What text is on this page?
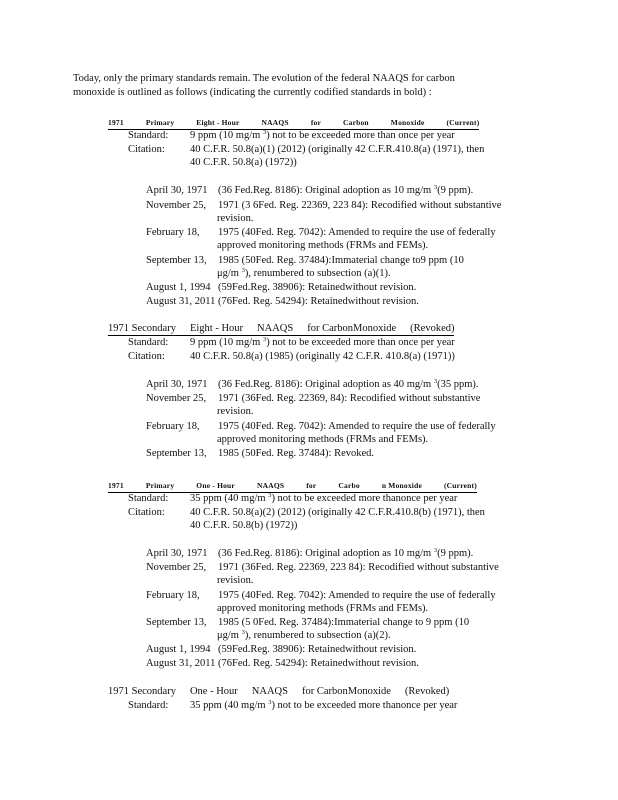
Today, only the primary standards remain. The evolution of the federal NAAQS for carbon
monoxide is outlined as follows (indicating the currently codified standards in bold) :
1971	Primary	Eight - Hour	NAAQS	for	Carbon	Monoxide	(Current)
Standard: 9 ppm (10 mg/m $^3$) not to be exceeded more than once per year
Citation: 40 C.F.R. 50.8(a)(1) (2012) (originally 42 C.F.R.410.8(a) (1971), then
40 C.F.R. 50.8(a) (1972))
April 30, 1971 (36 Fed.Reg. 8186): Original adoption as 10 mg/m $^3$(9 ppm).
November 25, 1971 (3 6Fed. Reg. 22369, 223 84): Recodified without substantive
revision.
February 18, 1975 (40Fed. Reg. 7042): Amended to require the use of federally
approved monitoring methods (FRMs and FEMs).
September 13, 1985 (50Fed. Reg. 37484):Immaterial change to9 ppm (10
μg/m $^3$), renumbered to subsection (a)(1).
August 1, 1994 (59Fed.Reg. 38906): Retainedwithout revision.
August 31, 2011 (76Fed. Reg. 54294): Retainedwithout revision.
1971 Secondary Eight - Hour NAAQS for CarbonMonoxide (Revoked)
Standard: 9 ppm (10 mg/m $^3$) not to be exceeded more than once per year
Citation: 40 C.F.R. 50.8(a) (1985) (originally 42 C.F.R. 410.8(a) (1971))
April 30, 1971 (36 Fed.Reg. 8186): Original adoption as 40 mg/m $^3$(35 ppm).
November 25, 1971 (36Fed. Reg. 22369, 84): Recodified without substantive
revision.
February 18, 1975 (40Fed. Reg. 7042): Amended to require the use of federally
approved monitoring methods (FRMs and FEMs).
September 13, 1985 (50Fed. Reg. 37484): Revoked.
1971	Primary	One - Hour	NAAQS	for	Carbo	n Monoxide	(Current)
Standard: 35 ppm (40 mg/m $^3$) not to be exceeded more thanonce per year
Citation: 40 C.F.R. 50.8(a)(2) (2012) (originally 42 C.F.R.410.8(b) (1971), then
40 C.F.R. 50.8(b) (1972))
April 30, 1971 (36 Fed.Reg. 8186): Original adoption as 10 mg/m $^3$(9 ppm).
November 25, 1971 (36Fed. Reg. 22369, 223 84): Recodified without substantive
revision.
February 18, 1975 (40Fed. Reg. 7042): Amended to require the use of federally
approved monitoring methods (FRMs and FEMs).
September 13, 1985 (5 0Fed. Reg. 37484):Immaterial change to 9 ppm (10
μg/m $^3$), renumbered to subsection (a)(2).
August 1, 1994 (59Fed.Reg. 38906): Retainedwithout revision.
August 31, 2011 (76Fed. Reg. 54294): Retainedwithout revision.
1971 Secondary One - Hour NAAQS for CarbonMonoxide (Revoked)
Standard: 35 ppm (40 mg/m $^3$) not to be exceeded more thanonce per year
